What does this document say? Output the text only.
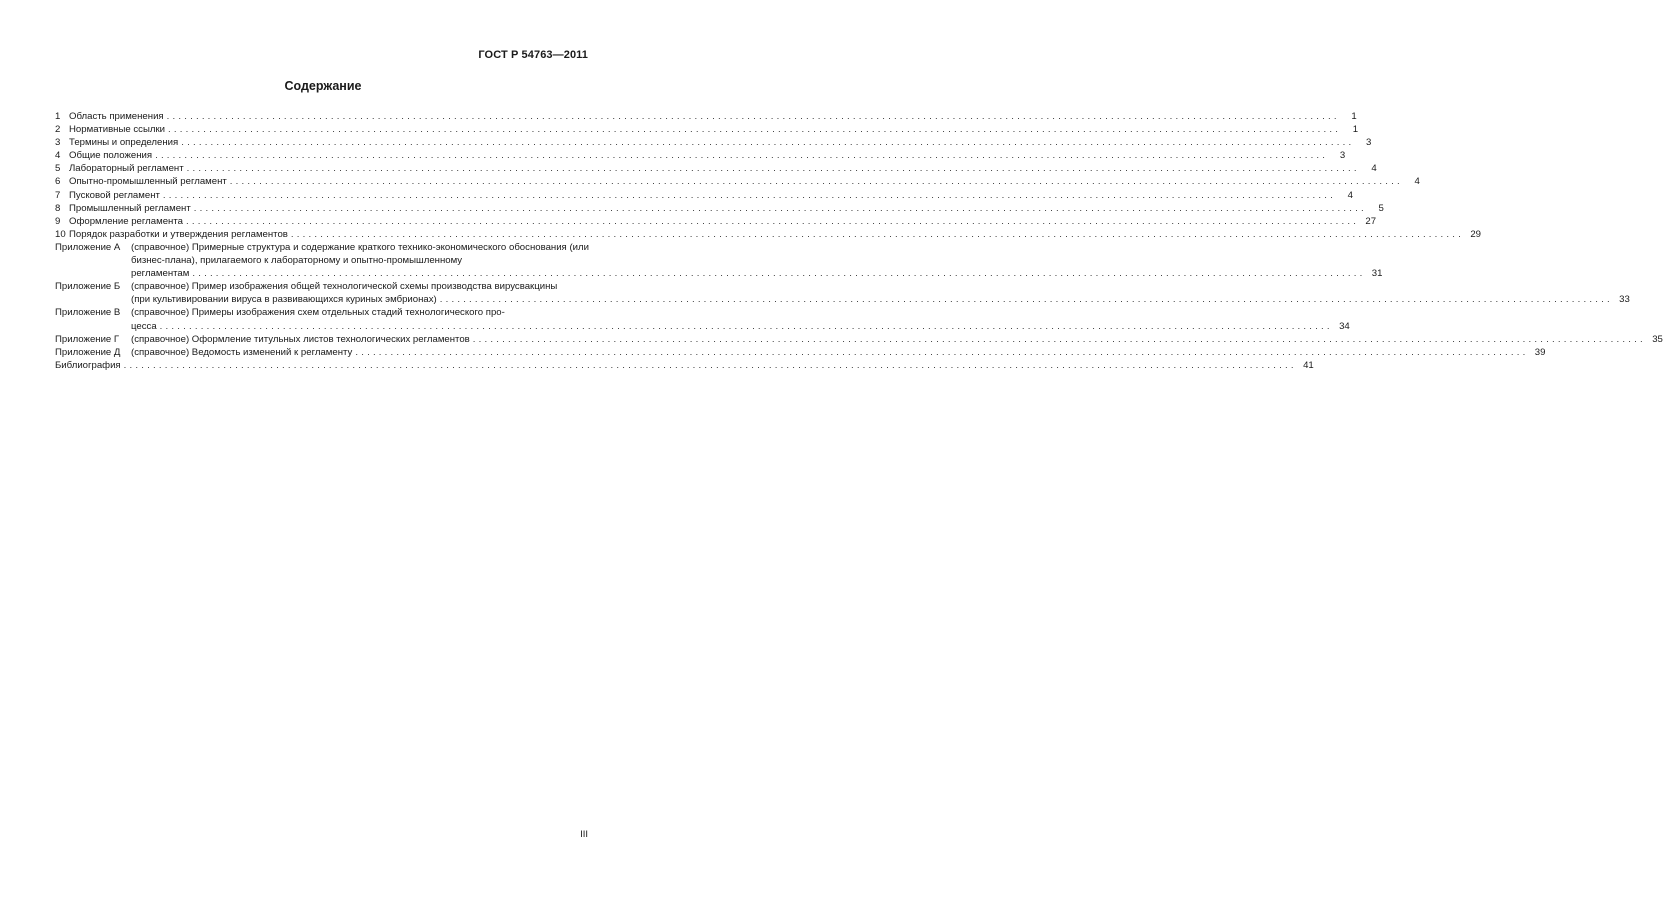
ГОСТ Р 54763—2011
Содержание
1 Область применения ........................................................................................................................................................................................................	1
2 Нормативные ссылки ........................................................................................................................................................................................................	1
3 Термины и определения ........................................................................................................................................................................................................	3
4 Общие положения ........................................................................................................................................................................................................	3
5 Лабораторный регламент ........................................................................................................................................................................................................	4
6 Опытно-промышленный регламент ........................................................................................................................................................................................................	4
7 Пусковой регламент ........................................................................................................................................................................................................	4
8 Промышленный регламент ........................................................................................................................................................................................................	5
9 Оформление регламента ........................................................................................................................................................................................................ 27
10 Порядок разработки и утверждения регламентов ........................................................................................................................................................................................................ 29
Приложение А	(справочное) Примерные структура и содержание краткого технико-экономического обоснования (или бизнес-плана), прилагаемого к лабораторному и опытно-промышленному
регламентам ........................................................................................................................................................................................................ 31
Приложение Б	(справочное) Пример изображения общей технологической схемы производства вирусвакцины
(при культивировании вируса в развивающихся куриных эмбрионах) ........................................................................................................................................................................................................ 33
Приложение В	(справочное) Примеры изображения схем отдельных стадий технологического про-
цесса ........................................................................................................................................................................................................ 34
Приложение Г	(справочное) Оформление титульных листов технологических регламентов ........................................................................................................................................................................................................ 35
Приложение Д	(справочное) Ведомость изменений к регламенту ........................................................................................................................................................................................................ 39
Библиография ........................................................................................................................................................................................................ 41
III
